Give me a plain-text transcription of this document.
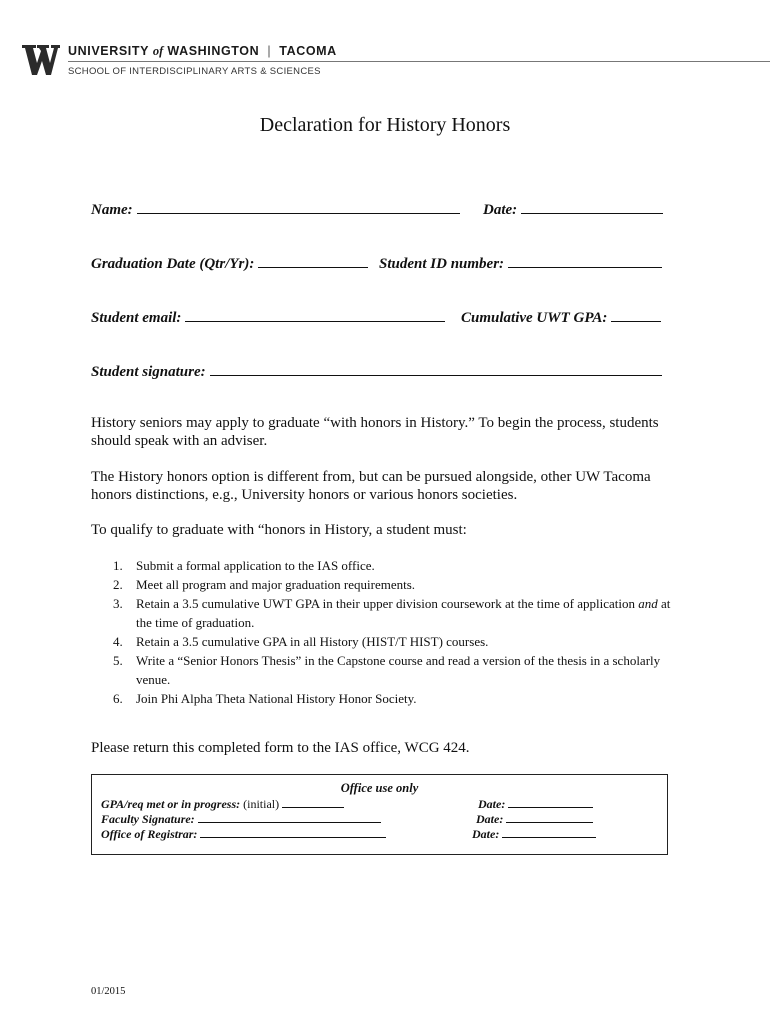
UNIVERSITY of WASHINGTON | TACOMA
SCHOOL OF INTERDISCIPLINARY ARTS & SCIENCES
Declaration for History Honors
Name:	Date:
Graduation Date (Qtr/Yr):	Student ID number:
Student email:	Cumulative UWT GPA:
Student signature:
History seniors may apply to graduate “with honors in History.” To begin the process, students should speak with an adviser.
The History honors option is different from, but can be pursued alongside, other UW Tacoma honors distinctions, e.g., University honors or various honors societies.
To qualify to graduate with “honors in History, a student must:
1. Submit a formal application to the IAS office.
2. Meet all program and major graduation requirements.
3. Retain a 3.5 cumulative UWT GPA in their upper division coursework at the time of application and at the time of graduation.
4. Retain a 3.5 cumulative GPA in all History (HIST/T HIST) courses.
5. Write a “Senior Honors Thesis” in the Capstone course and read a version of the thesis in a scholarly venue.
6. Join Phi Alpha Theta National History Honor Society.
Please return this completed form to the IAS office, WCG 424.
Office use only
GPA/req met or in progress: (initial)	Date:
Faculty Signature:	Date:
Office of Registrar:	Date:
01/2015
